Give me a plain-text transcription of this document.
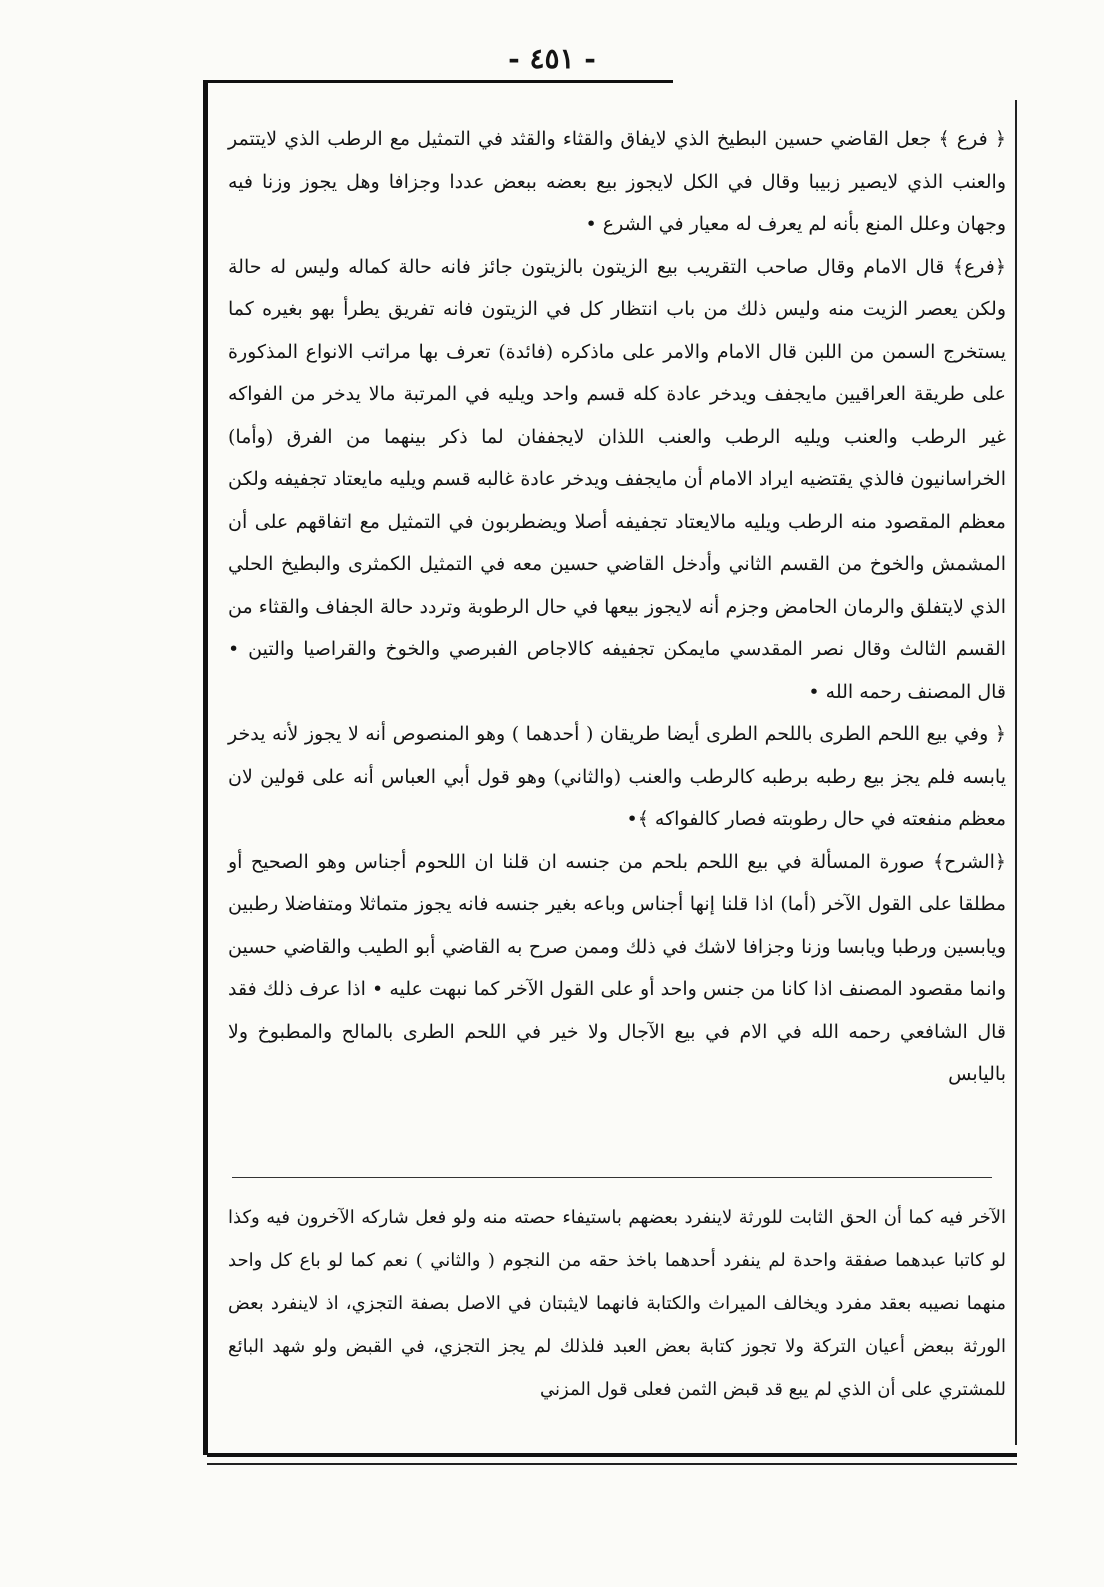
- ٤٥١ -

﴿ فرع ﴾ جعل القاضي حسين البطيخ الذي لايفاق والقثاء والقثد في التمثيل مع الرطب الذي لايتتمر والعنب الذي لايصير زبيبا وقال في الكل لايجوز بيع بعضه ببعض عددا وجزافا وهل يجوز وزنا فيه وجهان وعلل المنع بأنه لم يعرف له معيار في الشرع •

﴿فرع﴾ قال الامام وقال صاحب التقريب بيع الزيتون بالزيتون جائز فانه حالة كماله وليس له حالة ولكن يعصر الزيت منه وليس ذلك من باب انتظار كل في الزيتون فانه تفريق يطرأ بهو بغيره كما يستخرج السمن من اللبن قال الامام والامر على ماذكره (فائدة) تعرف بها مراتب الانواع المذكورة على طريقة العراقيين مايجفف ويدخر عادة كله قسم واحد ويليه في المرتبة مالا يدخر من الفواكه غير الرطب والعنب ويليه الرطب والعنب اللذان لايجففان لما ذكر بينهما من الفرق (وأما) الخراسانيون فالذي يقتضيه ايراد الامام أن مايجفف ويدخر عادة غالبه قسم ويليه مايعتاد تجفيفه ولكن معظم المقصود منه الرطب ويليه مالايعتاد تجفيفه أصلا ويضطربون في التمثيل مع اتفاقهم على أن المشمش والخوخ من القسم الثاني وأدخل القاضي حسين معه في التمثيل الكمثرى والبطيخ الحلي الذي لايتفلق والرمان الحامض وجزم أنه لايجوز بيعها في حال الرطوبة وتردد حالة الجفاف والقثاء من القسم الثالث وقال نصر المقدسي مايمكن تجفيفه كالاجاص الفبرصي والخوخ والقراصيا والتين • قال المصنف رحمه الله •

﴿ وفي بيع اللحم الطرى باللحم الطرى أيضا طريقان ( أحدهما ) وهو المنصوص أنه لا يجوز لأنه يدخر يابسه فلم يجز بيع رطبه برطبه كالرطب والعنب (والثاني) وهو قول أبي العباس أنه على قولين لان معظم منفعته في حال رطوبته فصار كالفواكه ﴾•

﴿الشرح﴾ صورة المسألة في بيع اللحم بلحم من جنسه ان قلنا ان اللحوم أجناس وهو الصحيح أو مطلقا على القول الآخر (أما) اذا قلنا إنها أجناس وباعه بغير جنسه فانه يجوز متماثلا ومتفاضلا رطبين ويابسين ورطبا ويابسا وزنا وجزافا لاشك في ذلك وممن صرح به القاضي أبو الطيب والقاضي حسين وانما مقصود المصنف اذا كانا من جنس واحد أو على القول الآخر كما نبهت عليه • اذا عرف ذلك فقد قال الشافعي رحمه الله في الام في بيع الآجال ولا خير في اللحم الطرى بالمالح والمطبوخ ولا باليابس

الآخر فيه كما أن الحق الثابت للورثة لاينفرد بعضهم باستيفاء حصته منه ولو فعل شاركه الآخرون فيه وكذا لو كاتبا عبدهما صفقة واحدة لم ينفرد أحدهما باخذ حقه من النجوم ( والثاني ) نعم كما لو باع كل واحد منهما نصيبه بعقد مفرد ويخالف الميراث والكتابة فانهما لايثبتان في الاصل بصفة التجزي، اذ لاينفرد بعض الورثة ببعض أعيان التركة ولا تجوز كتابة بعض العبد فلذلك لم يجز التجزي، في القبض ولو شهد البائع للمشتري على أن الذي لم يبع قد قبض الثمن فعلى قول المزني
